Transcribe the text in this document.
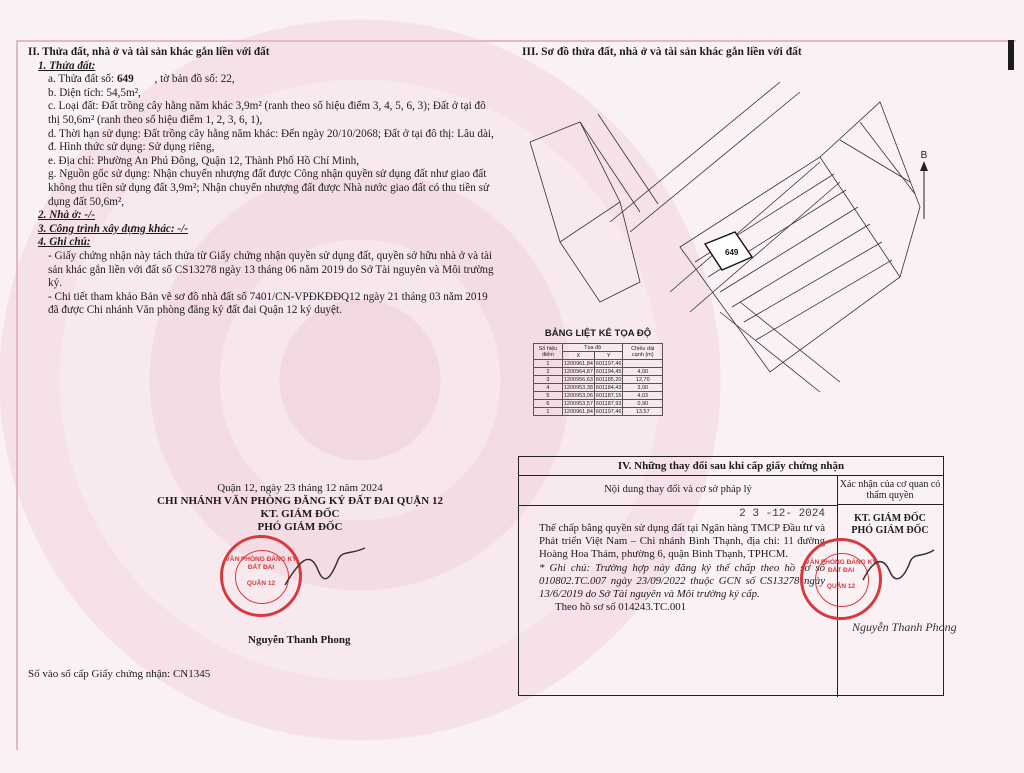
II. Thửa đất, nhà ở và tài sản khác gắn liền với đất

1. Thửa đất:

a. Thửa đất số: 649 , tờ bản đồ số: 22,

b. Diện tích: 54,5m²,

c. Loại đất: Đất trồng cây hằng năm khác 3,9m² (ranh theo số hiệu điểm 3, 4, 5, 6, 3); Đất ở tại đô thị 50,6m² (ranh theo số hiệu điểm 1, 2, 3, 6, 1),

d. Thời hạn sử dụng: Đất trồng cây hằng năm khác: Đến ngày 20/10/2068; Đất ở tại đô thị: Lâu dài,

đ. Hình thức sử dụng: Sử dụng riêng,

e. Địa chỉ: Phường An Phú Đông, Quận 12, Thành Phố Hồ Chí Minh,

g. Nguồn gốc sử dụng: Nhận chuyển nhượng đất được Công nhận quyền sử dụng đất như giao đất không thu tiền sử dụng đất 3,9m²; Nhận chuyển nhượng đất được Nhà nước giao đất có thu tiền sử dụng đất 50,6m²,

2. Nhà ở: -/-

3. Công trình xây dựng khác: -/-

4. Ghi chú:

- Giấy chứng nhận này tách thửa từ Giấy chứng nhận quyền sử dụng đất, quyền sở hữu nhà ở và tài sản khác gắn liền với đất số CS13278 ngày 13 tháng 06 năm 2019 do Sở Tài nguyên và Môi trường ký.

- Chi tiết tham khảo Bản vẽ sơ đồ nhà đất số 7401/CN-VPĐKĐĐQ12 ngày 21 tháng 03 năm 2019 đã được Chi nhánh Văn phòng đăng ký đất đai Quận 12 ký duyệt.

III. Sơ đồ thửa đất, nhà ở và tài sản khác gắn liền với đất
B
649
BẢNG LIỆT KÊ TỌA ĐỘ
Số hiệu điểm	Tọa độ		Chiều dài cạnh (m)
	X	Y	
1	1200961,84	601197,46	
2	1200964,87	601194,45	4,00
3	1200956,63	601185,20	12,70
4	1200953,38	601184,43	3,00
5	1200953,06	601187,15	4,03
6	1200953,57	601187,93	0,90
1	1200961,84	601197,46	13,57
Quận 12, ngày 23 tháng 12 năm 2024
CHI NHÁNH VĂN PHÒNG ĐĂNG KÝ ĐẤT ĐAI QUẬN 12
KT. GIÁM ĐỐC
PHÓ GIÁM ĐỐC
VĂN PHÒNG ĐĂNG KÝ ĐẤT ĐAI
QUẬN 12
Nguyễn Thanh Phong
Số vào sổ cấp Giấy chứng nhận: CN1345
IV. Những thay đổi sau khi cấp giấy chứng nhận
Nội dung thay đổi và cơ sở pháp lý
2 3 -12- 2024

Thế chấp bằng quyền sử dụng đất tại Ngân hàng TMCP Đầu tư và Phát triển Việt Nam – Chi nhánh Bình Thạnh, địa chỉ: 11 đường Hoàng Hoa Thám, phường 6, quận Bình Thạnh, TPHCM.

* Ghi chú: Trường hợp này đăng ký thế chấp theo hồ sơ số 010802.TC.007 ngày 23/09/2022 thuộc GCN số CS13278 ngày 13/6/2019 do Sở Tài nguyên và Môi trường ký cấp.

Theo hồ sơ số 014243.TC.001

Xác nhận của cơ quan có thẩm quyền
KT. GIÁM ĐỐC
PHÓ GIÁM ĐỐC
VĂN PHÒNG ĐĂNG KÝ ĐẤT ĐAI
QUẬN 12
Nguyễn Thanh Phong
